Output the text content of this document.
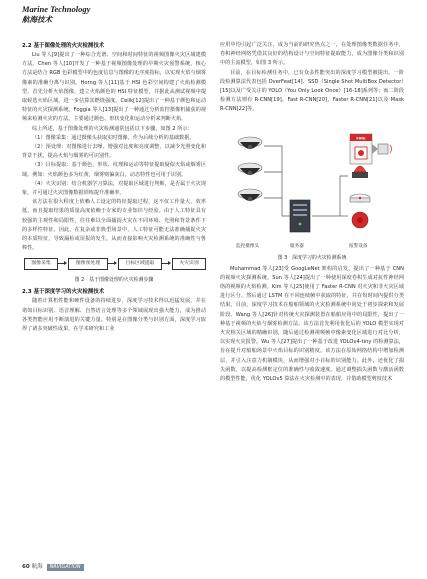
Marine Technology
航海技术

2.2 基于图像处理的火灾检测技术

Liu 等人[9]提出了一种综合光谱、空间和时间特征的视频图像火灾区域建模方法。Chen 等人[10]开发了一种基于视频图像处理的早期火灾预警系统，核心方法是结合 RGB 色彩模型中的色度信息与图像的无序度指标，以实现火焰与烟雾像素的准确分离与识别。Horng 等人[11]基于 HSI 色彩空间构建了火焰检测模型，首先分析火焰图像，建立火焰颜色的 HSI 特征模型，并据此从测试视频中提取候选火焰区域，进一步估算其燃烧强度。Celik[12]提出了一种基于颜色和运动特征的火灾探测系统。Foggia 等人[13]提出了一种通过分析监控摄像机捕获的视频来检测火灾的方法，主要通过颜色、形状变化和运动分析来判断火焰。

综上所述，基于图像处理的火灾检测通常包括以下步骤，如图 2 所示：

（1）图像采集：通过摄像头获取实时图像，作为后续分析的基础数据。

（2）预处理：对图像进行去噪、增强对比度和亮度调整，以减少光照变化和背景干扰，提高火焰与烟雾的可识别性。

（3）目标提取：基于颜色、形状、纹理和运动等特征提取疑似火焰或烟雾区域。例如：火焰颜色多为红黄，烟雾则偏灰白，动态特性也可用于识别。

（4）火灾识别：结合机器学习算法，对提取区域进行判断，是否属于火灾现象，并可通过火灾图像数据训练提升准确率。

该方法在很大程度上依赖人工设定的特征提取过程，这不仅工作量大、效率低，而且提取结果的质量高度依赖于专家的专业知识与经验。由于人工特征具有较强的主观性和局限性，往往难以全面捕捉火灾在不同环境、光照和背景条件下的多样性特征。因此，在复杂或非典型场景中，人工特征可能无法准确捕捉火灾的本质特征，导致漏检或误报的发生，从而直接影响火灾检测系统的准确性与鲁棒性。

图像采集	图像预处理	目标区域提取	火灾识别

图 2　基于图像处理的火灾检测步骤

2.3 基于深度学习的火灾检测技术

随着计算机性能和硬件设备的持续进步，深度学习技术得以迅猛发展，并在诸如目标识别、语音理解、自然语言处理等多个领域展现出强大能力，成为推动各类智能应用不断演进的关键力量。特别是在图像分类与识别方面，深度学习取得了诸多突破性成果，在学术研究和工业

应用中均引起广泛关注，成为当前的研究热点之一。在处理图像类数据任务中，卷积神经网络凭借其良好的结构设计与空间特征提取能力，成为图像分类和识别中的主流模型，如图 3 所示。

目前，在目标检测任务中，已有众多性能突出的深度学习模型被提出。一阶段检测算法代表包括 OverFeat[14]、SSD（Single Shot MultiBox Detector）[15]以及广受关注的 YOLO（You Only Look Once）[16-18]系列等；而二阶段检测方法则有 R-CNN[19]、Fast R-CNN[20]、Faster R-CNN[21]以及 Mask R-CNN[22]等。

FIRE
监控摄像头	服务器	报警设备

图 3　深度学习的火灾检测系统

Muhammad 等人[23]受 GoogLeNet 架构的启发，提出了一种基于 CNN 的视频火灾探测系统。Sun 等人[24]提出了一种使用深度卷积生成对抗性神经网络的视频的火焰检测。Kim 等人[25]使用了 Faster R-CNN 对火灾和非火灾区域进行区分。然后通过 LSTM 在不同连续帧中获取的特征，并在短时间内提供分类结果。目前，深度学习技术在船舶领域的火灾检测系统中尚处于初步探索和发展阶段。Wang 等人[26]针对传统火灾探测装置在船舶应用中的局限性，提出了一种基于视频的火焰与烟雾检测方法。该方法首先利用优化后的 YOLO 模型实现对火灾相关区域的精确识别，随后通过检测视频帧中像素变化区域进行对比分析，以实现火灾报警。Wu 等人[27]提出了一种基于改进 YOLOv4-tiny 的检测算法，旨在提升对船舶场景中火焰目标的识别精度。该方法在原始网络结构中增加检测层，并引入注意力机制模块，从而增强对小目标的识别能力。此外，还优化了损失函数，以提高检测框定位的准确性与收敛速度。通过调整损失函数与激活函数的模型性能，优化 YOLOv5 算法在火灾检测中的表现，并借助模型剪枝技术

60 航海 NAVIGATION
